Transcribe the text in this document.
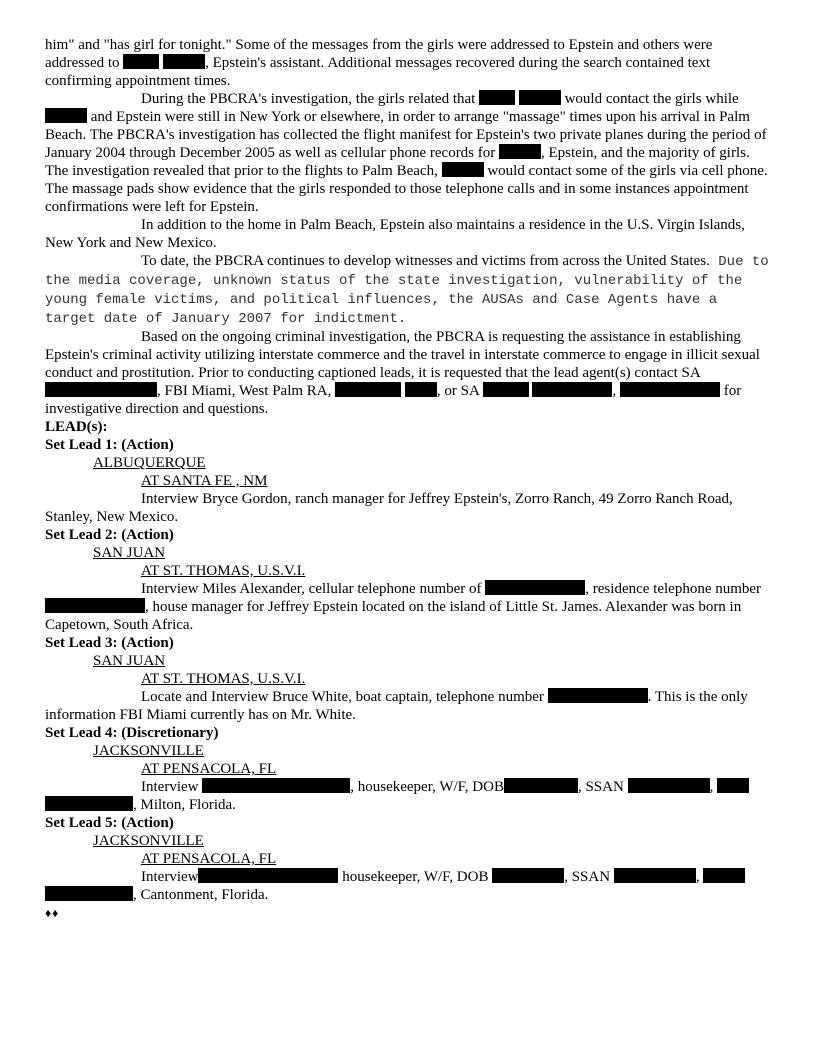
him" and "has girl for tonight." Some of the messages from the girls were addressed to Epstein and others were addressed to	, Epstein's assistant. Additional messages recovered during the search contained text confirming appointment times.

During the PBCRA's investigation, the girls related that	would contact the girls while  and Epstein were still in New York or elsewhere, in order to arrange "massage" times upon his arrival in Palm Beach. The PBCRA's investigation has collected the flight manifest for Epstein's two private planes during the period of January 2004 through December 2005 as well as cellular phone records for	, Epstein, and the majority of girls. The investigation revealed that prior to the flights to Palm Beach,	would contact some of the girls via cell phone. The massage pads show evidence that the girls responded to those telephone calls and in some instances appointment confirmations were left for Epstein.

In addition to the home in Palm Beach, Epstein also maintains a residence in the U.S. Virgin Islands, New York and New Mexico.

To date, the PBCRA continues to develop witnesses and victims from across the United States. Due to the media coverage, unknown status of the state investigation, vulnerability of the young female victims, and political influences, the AUSAs and Case Agents have a target date of January 2007 for indictment.

Based on the ongoing criminal investigation, the PBCRA is requesting the assistance in establishing Epstein's criminal activity utilizing interstate commerce and the travel in interstate commerce to engage in illicit sexual conduct and prostitution. Prior to conducting captioned leads, it is requested that the lead agent(s) contact SA , FBI Miami, West Palm RA,	, or SA	,	for investigative direction and questions.

LEAD(s):

Set Lead 1: (Action)

ALBUQUERQUE

AT SANTA FE , NM

Interview Bryce Gordon, ranch manager for Jeffrey Epstein's, Zorro Ranch, 49 Zorro Ranch Road, Stanley, New Mexico.

Set Lead 2: (Action)

SAN JUAN

AT ST. THOMAS, U.S.V.I.

Interview Miles Alexander, cellular telephone number of	, residence telephone number , house manager for Jeffrey Epstein located on the island of Little St. James. Alexander was born in Capetown, South Africa.

Set Lead 3: (Action)

SAN JUAN

AT ST. THOMAS, U.S.V.I.

Locate and Interview Bruce White, boat captain, telephone number	. This is the only information FBI Miami currently has on Mr. White.

Set Lead 4: (Discretionary)

JACKSONVILLE

AT PENSACOLA, FL

Interview	, housekeeper, W/F, DOB	, SSAN	,  , Milton, Florida.

Set Lead 5: (Action)

JACKSONVILLE

AT PENSACOLA, FL

Interview	housekeeper, W/F, DOB	, SSAN	,  , Cantonment, Florida.

♦♦
